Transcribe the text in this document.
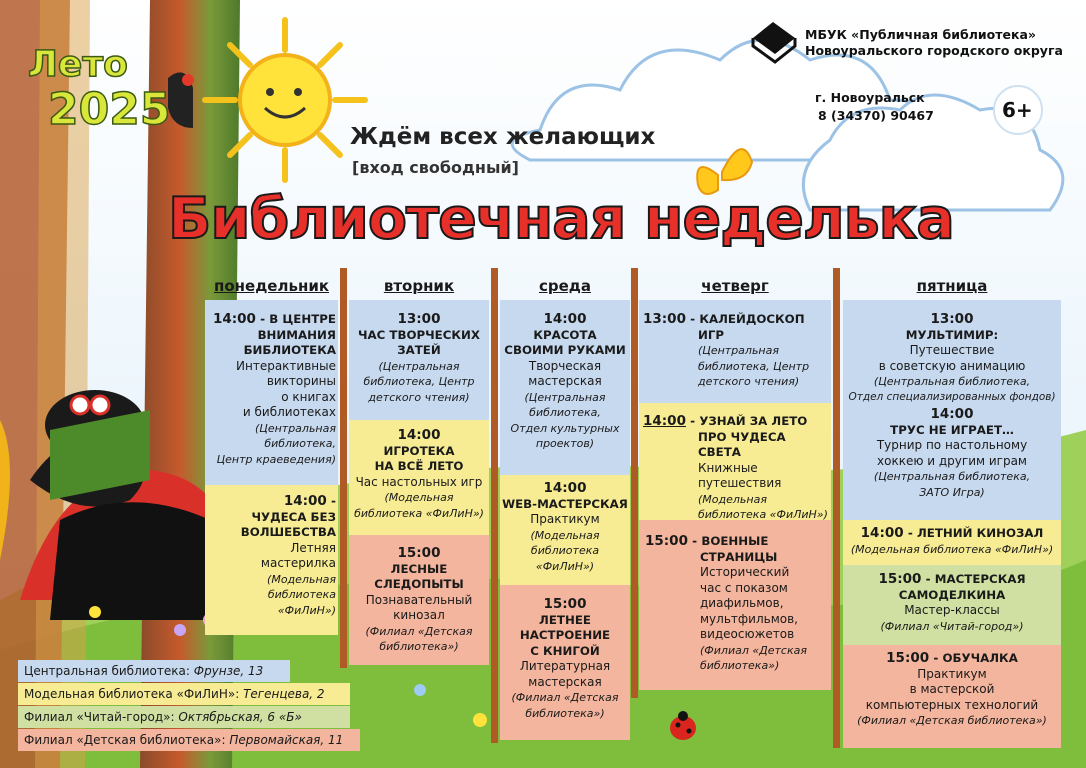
Лето
2025
МБУК «Публичная библиотека»
Новоуральского городского округа
г. Новоуральск
8 (34370) 90467	6+
Ждём всех желающих
[вход свободный]
Библиотечная неделька
понедельник	вторник	среда	четверг	пятница
14:00 - В ЦЕНТРЕ
ВНИМАНИЯ
БИБЛИОТЕКА
Интерактивные
викторины
о книгах
и библиотеках
(Центральная
библиотека,
Центр краеведения)
14:00 -
ЧУДЕСА БЕЗ
ВОЛШЕБСТВА
Летняя
мастерилка
(Модельная
библиотека
«ФиЛиН»)
13:00
ЧАС ТВОРЧЕСКИХ
ЗАТЕЙ
(Центральная
библиотека, Центр
детского чтения)
14:00
ИГРОТЕКА
НА ВСЁ ЛЕТО
Час настольных игр
(Модельная
библиотека «ФиЛиН»)
15:00
ЛЕСНЫЕ
СЛЕДОПЫТЫ
Познавательный
кинозал
(Филиал «Детская
библиотека»)
14:00
КРАСОТА
СВОИМИ РУКАМИ
Творческая
мастерская
(Центральная
библиотека,
Отдел культурных
проектов)
14:00
WEB-МАСТЕРСКАЯ
Практикум
(Модельная
библиотека
«ФиЛиН»)
15:00
ЛЕТНЕЕ
НАСТРОЕНИЕ
С КНИГОЙ
Литературная
мастерская
(Филиал «Детская
библиотека»)
13:00 - КАЛЕЙДОСКОП
ИГР
(Центральная
библиотека, Центр
детского чтения)
14:00 - УЗНАЙ ЗА ЛЕТО
ПРО ЧУДЕСА СВЕТА
Книжные
путешествия
(Модельная
библиотека «ФиЛиН»)
15:00 - ВОЕННЫЕ
СТРАНИЦЫ
Исторический
час с показом
диафильмов,
мультфильмов,
видеосюжетов
(Филиал «Детская
библиотека»)
13:00
МУЛЬТИМИР:
Путешествие
в советскую анимацию
(Центральная библиотека,
Отдел специализированных фондов)
14:00
ТРУС НЕ ИГРАЕТ…
Турнир по настольному
хоккею и другим играм
(Центральная библиотека,
ЗАТО Игра)
14:00 - ЛЕТНИЙ КИНОЗАЛ
(Модельная библиотека «ФиЛиН»)
15:00 - МАСТЕРСКАЯ
САМОДЕЛКИНА
Мастер-классы
(Филиал «Читай-город»)
15:00 - ОБУЧАЛКА
Практикум
в мастерской
компьютерных технологий
(Филиал «Детская библиотека»)
Центральная библиотека: Фрунзе, 13
Модельная библиотека «ФиЛиН»: Тегенцева, 2
Филиал «Читай-город»: Октябрьская, 6 «Б»
Филиал «Детская библиотека»: Первомайская, 11
